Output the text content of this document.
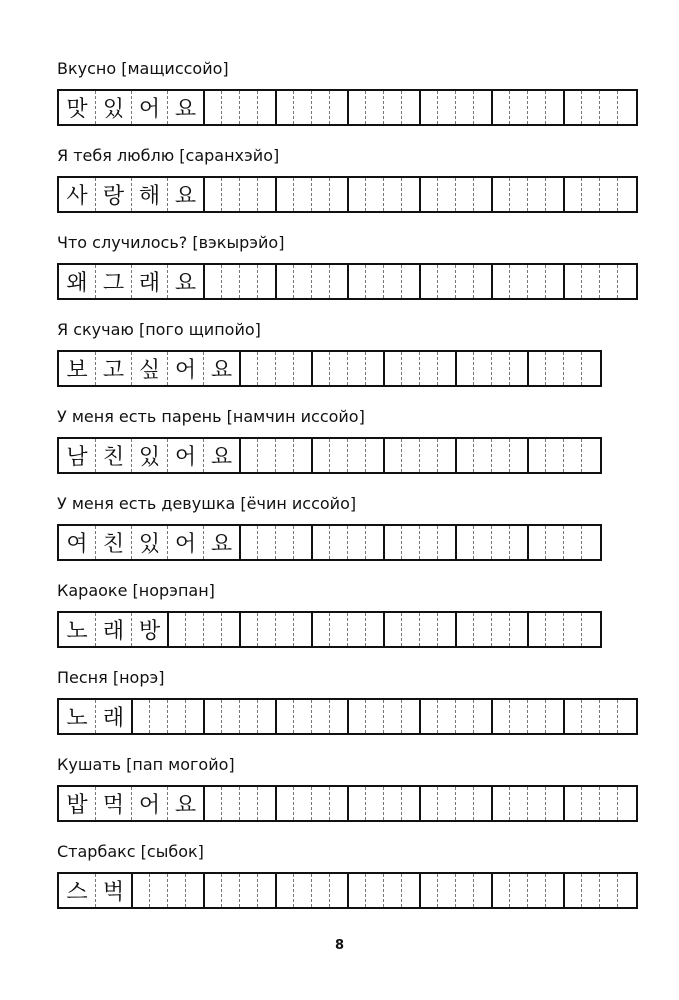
Вкусно [мащиссойо]
맛 있 어 요
Я тебя люблю [саранхэйо]
사 랑 해 요
Что случилось? [вэкырэйо]
왜 그 래 요
Я скучаю [пого щипойо]
보 고 싶 어 요
У меня есть парень [намчин иссойо]
남 친 있 어 요
У меня есть девушка [ёчин иссойо]
여 친 있 어 요
Караоке [норэпан]
노 래 방
Песня [норэ]
노 래
Кушать [пап могойо]
밥 먹 어 요
Старбакс [сыбок]
스 벅
8
